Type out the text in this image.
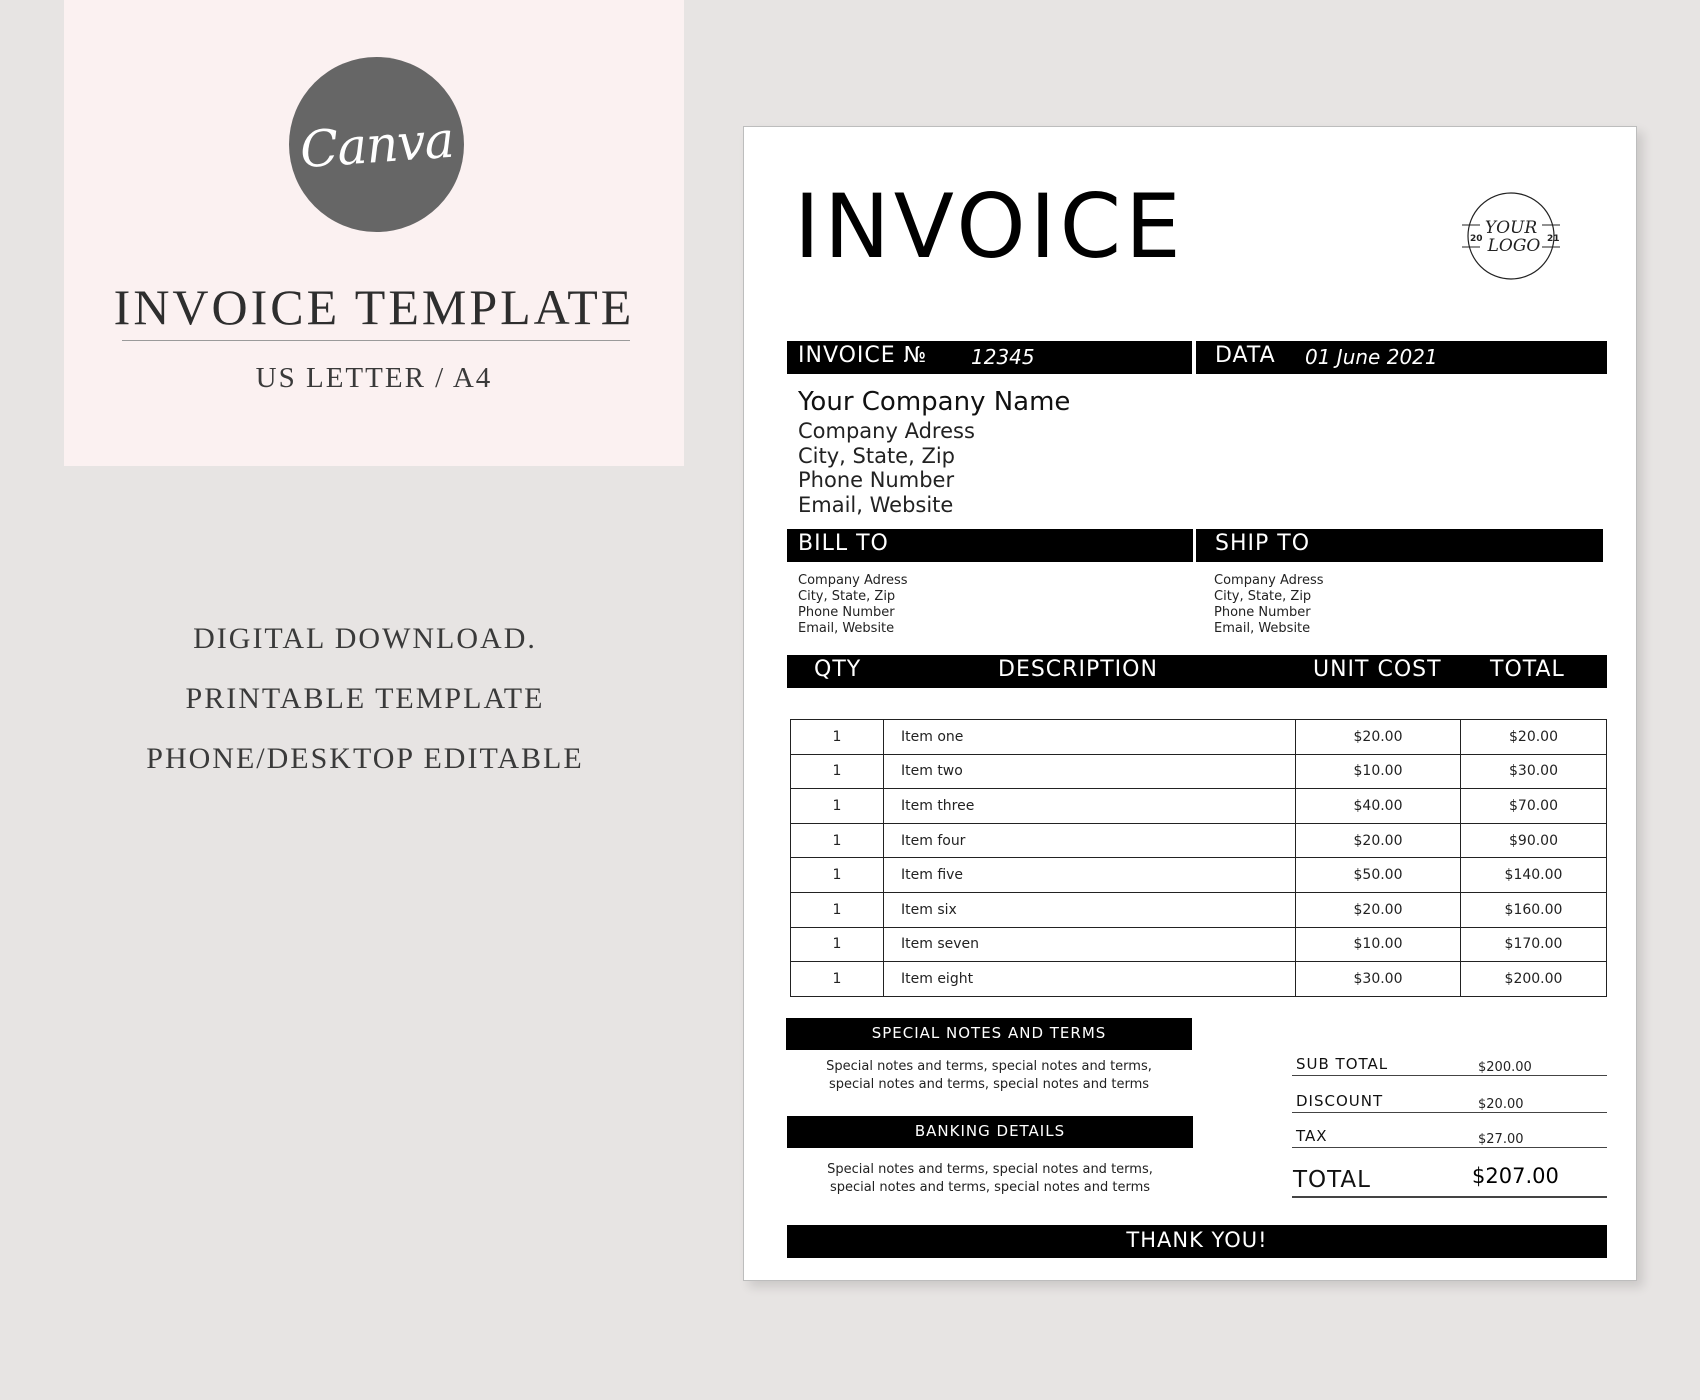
Canva
INVOICE TEMPLATE
US LETTER / A4
DIGITAL DOWNLOAD.
PRINTABLE TEMPLATE
PHONE/DESKTOP EDITABLE
INVOICE	20	21
YOUR
LOGO
INVOICE № 12345	DATA 01 June 2021
Your Company Name
Company Adress
City, State, Zip
Phone Number
Email, Website
BILL TO	SHIP TO
Company Adress
City, State, Zip
Phone Number
Email, Website
Company Adress
City, State, Zip
Phone Number
Email, Website
QTY	DESCRIPTION	UNIT COST TOTAL
1	Item one	$20.00	$20.00
1	Item two	$10.00	$30.00
1	Item three	$40.00	$70.00
1	Item four	$20.00	$90.00
1	Item five	$50.00	$140.00
1	Item six	$20.00	$160.00
1	Item seven	$10.00	$170.00
1	Item eight	$30.00	$200.00
SPECIAL NOTES AND TERMS
Special notes and terms, special notes and terms,
special notes and terms, special notes and terms
BANKING DETAILS
Special notes and terms, special notes and terms,
special notes and terms, special notes and terms
SUB TOTAL	$200.00
DISCOUNT	$20.00
TAX	$27.00
TOTAL	$207.00
THANK YOU!
